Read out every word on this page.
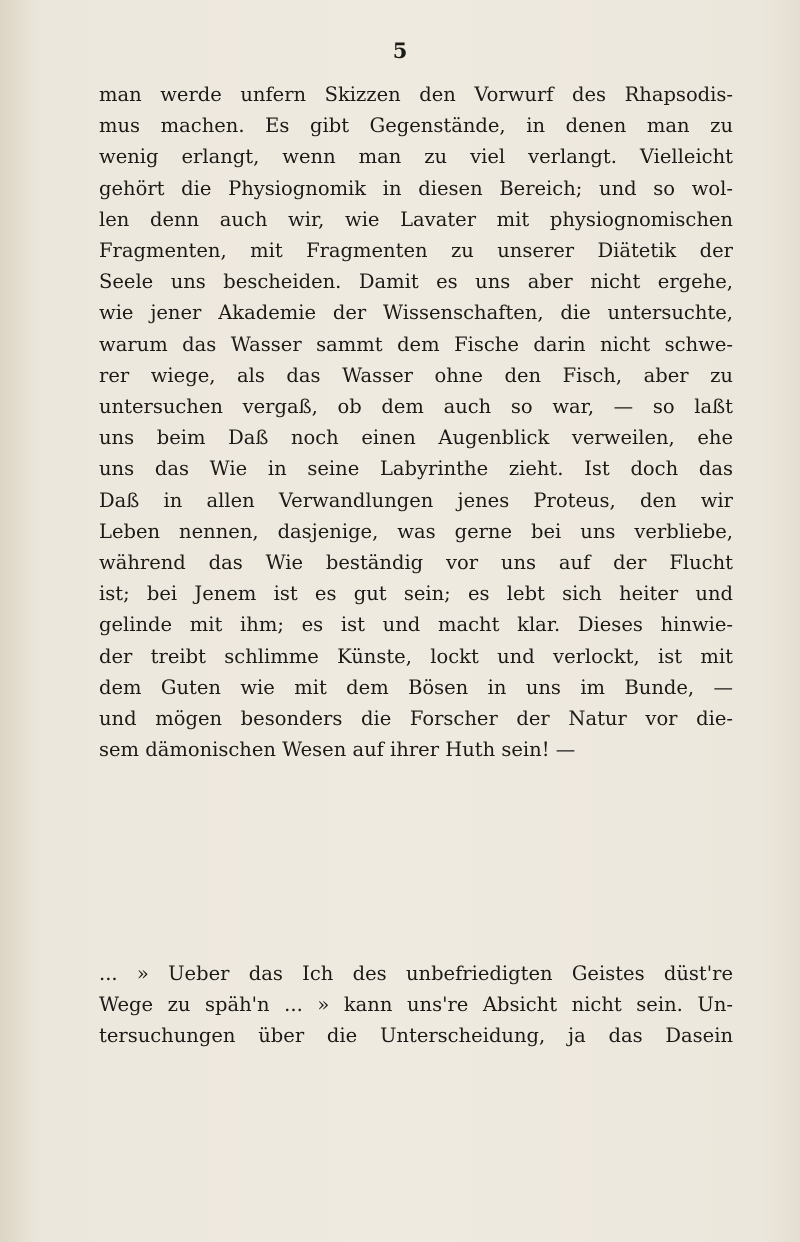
5
man werde unfern Skizzen den Vorwurf des Rhapsodis-
mus machen. Es gibt Gegenstände, in denen man zu
wenig erlangt, wenn man zu viel verlangt. Vielleicht
gehört die Physiognomik in diesen Bereich; und so wol-
len denn auch wir, wie Lavater mit physiognomischen
Fragmenten, mit Fragmenten zu unserer Diätetik der
Seele uns bescheiden. Damit es uns aber nicht ergehe,
wie jener Akademie der Wissenschaften, die untersuchte,
warum das Wasser sammt dem Fische darin nicht schwe-
rer wiege, als das Wasser ohne den Fisch, aber zu
untersuchen vergaß, ob dem auch so war, — so laßt
uns beim Daß noch einen Augenblick verweilen, ehe
uns das Wie in seine Labyrinthe zieht. Ist doch das
Daß in allen Verwandlungen jenes Proteus, den wir
Leben nennen, dasjenige, was gerne bei uns verbliebe,
während das Wie beständig vor uns auf der Flucht
ist; bei Jenem ist es gut sein; es lebt sich heiter und
gelinde mit ihm; es ist und macht klar. Dieses hinwie-
der treibt schlimme Künste, lockt und verlockt, ist mit
dem Guten wie mit dem Bösen in uns im Bunde, —
und mögen besonders die Forscher der Natur vor die-
sem dämonischen Wesen auf ihrer Huth sein! —
... » Ueber das Ich des unbefriedigten Geistes düst're
Wege zu späh'n ... » kann uns're Absicht nicht sein. Un-
tersuchungen über die Unterscheidung, ja das Dasein
